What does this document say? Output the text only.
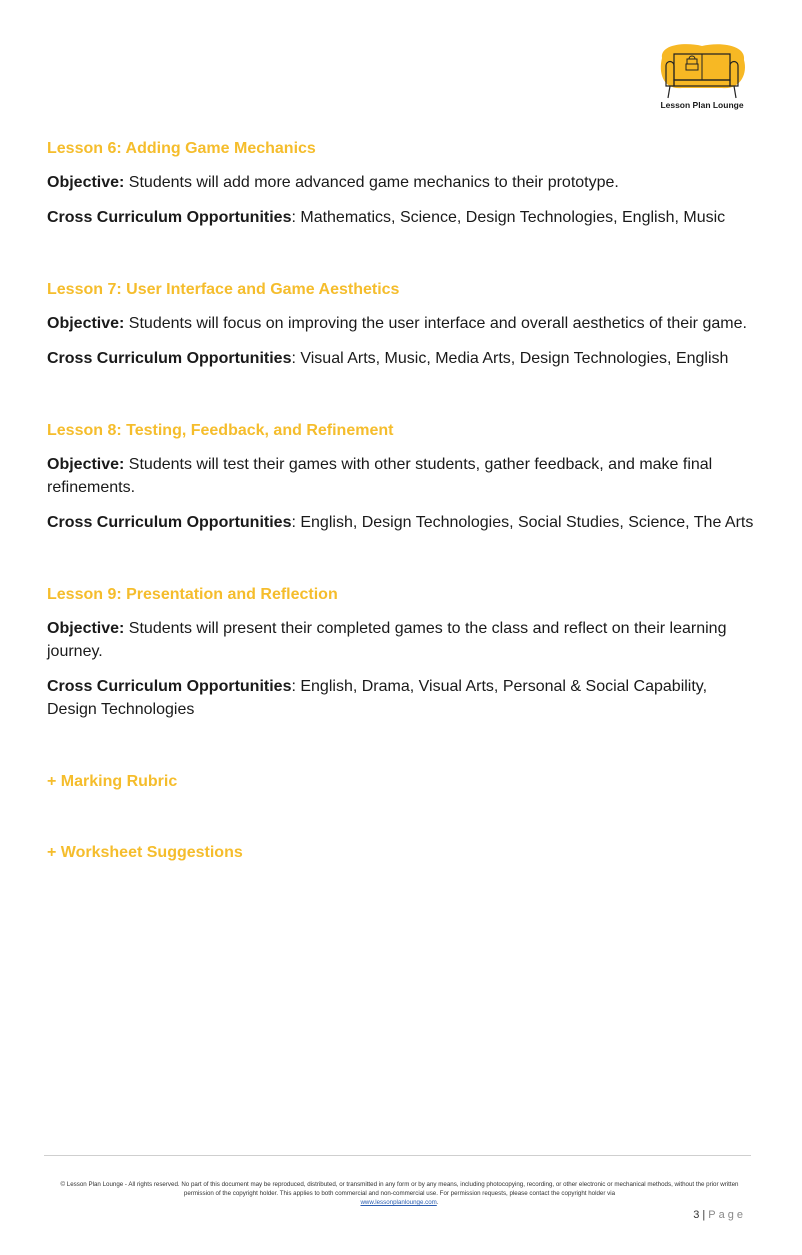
Lesson Plan Lounge
Lesson 6: Adding Game Mechanics

Objective: Students will add more advanced game mechanics to their prototype.

Cross Curriculum Opportunities: Mathematics, Science, Design Technologies, English, Music

Lesson 7: User Interface and Game Aesthetics

Objective: Students will focus on improving the user interface and overall aesthetics of their game.

Cross Curriculum Opportunities: Visual Arts, Music, Media Arts, Design Technologies, English

Lesson 8: Testing, Feedback, and Refinement

Objective: Students will test their games with other students, gather feedback, and make final refinements.

Cross Curriculum Opportunities: English, Design Technologies, Social Studies, Science, The Arts

Lesson 9: Presentation and Reflection

Objective: Students will present their completed games to the class and reflect on their learning journey.

Cross Curriculum Opportunities: English, Drama, Visual Arts, Personal & Social Capability, Design Technologies

+ Marking Rubric
+ Worksheet Suggestions
© Lesson Plan Lounge - All rights reserved. No part of this document may be reproduced, distributed, or transmitted in any form or by any means, including photocopying, recording, or other electronic or mechanical methods, without the prior written permission of the copyright holder. This applies to both commercial and non-commercial use. For permission requests, please contact the copyright holder via
www.lessonplanlounge.com.
3 | Page
